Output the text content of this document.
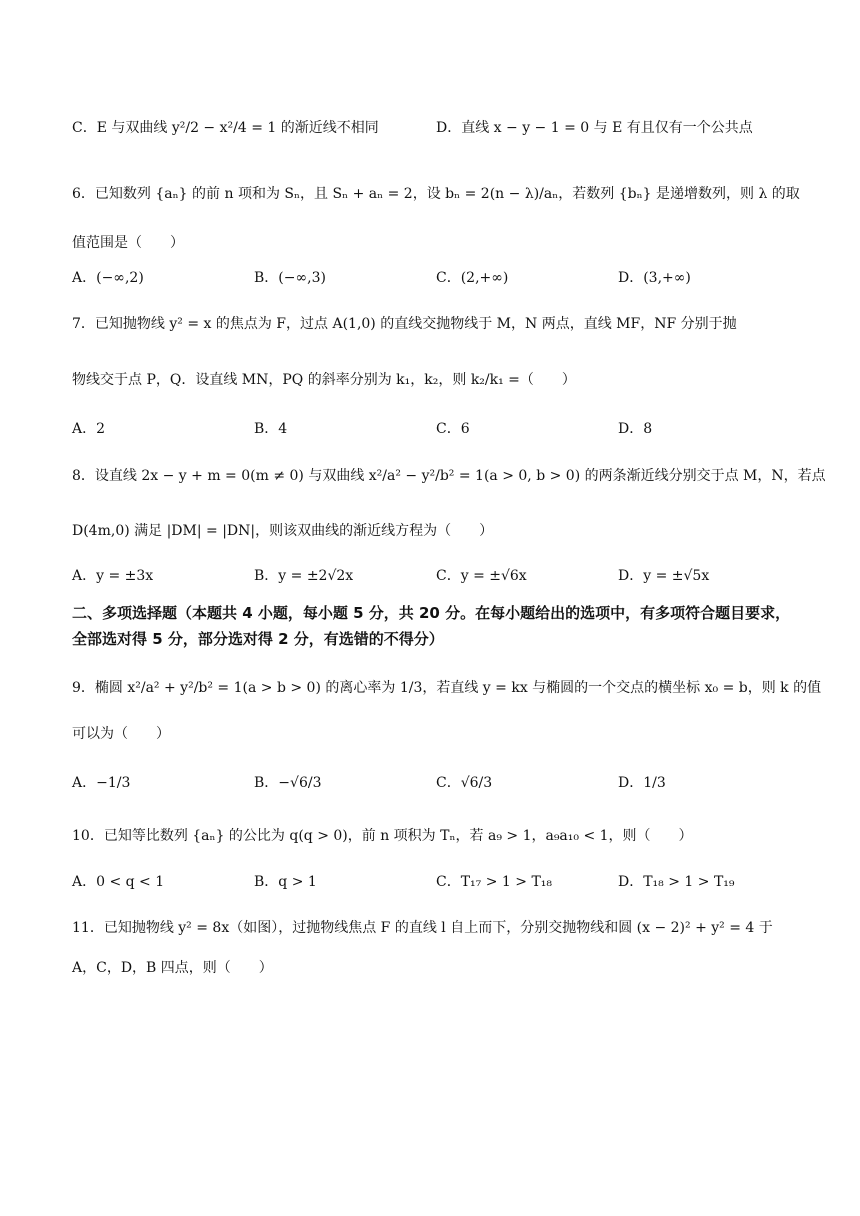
C．E 与双曲线 y²/2 − x²/4 = 1 的渐近线不相同	D．直线 x − y − 1 = 0 与 E 有且仅有一个公共点
6．已知数列 {aₙ} 的前 n 项和为 Sₙ，且 Sₙ + aₙ = 2，设 bₙ = 2(n − λ)/aₙ，若数列 {bₙ} 是递增数列，则 λ 的取
值范围是（　　）
A．(−∞,2)	B．(−∞,3)	C．(2,+∞)	D．(3,+∞)
7．已知抛物线 y² = x 的焦点为 F，过点 A(1,0) 的直线交抛物线于 M，N 两点，直线 MF，NF 分别于抛
物线交于点 P，Q．设直线 MN，PQ 的斜率分别为 k₁，k₂，则 k₂/k₁ =（　　）
A．2	B．4	C．6	D．8
8．设直线 2x − y + m = 0(m ≠ 0) 与双曲线 x²/a² − y²/b² = 1(a > 0, b > 0) 的两条渐近线分别交于点 M，N，若点
D(4m,0) 满足 |DM| = |DN|，则该双曲线的渐近线方程为（　　）
A．y = ±3x	B．y = ±2√2x	C．y = ±√6x	D．y = ±√5x
二、多项选择题（本题共 4 小题，每小题 5 分，共 20 分。在每小题给出的选项中，有多项符合题目要求，全部选对得 5 分，部分选对得 2 分，有选错的不得分）
9．椭圆 x²/a² + y²/b² = 1(a > b > 0) 的离心率为 1/3，若直线 y = kx 与椭圆的一个交点的横坐标 x₀ = b，则 k 的值
可以为（　　）
A．−1/3	B．−√6/3	C．√6/3	D．1/3
10．已知等比数列 {aₙ} 的公比为 q(q > 0)，前 n 项积为 Tₙ，若 a₉ > 1，a₉a₁₀ < 1，则（　　）
A．0 < q < 1	B．q > 1	C．T₁₇ > 1 > T₁₈	D．T₁₈ > 1 > T₁₉
11．已知抛物线 y² = 8x（如图），过抛物线焦点 F 的直线 l 自上而下，分别交抛物线和圆 (x − 2)² + y² = 4 于
A，C，D，B 四点，则（　　）
